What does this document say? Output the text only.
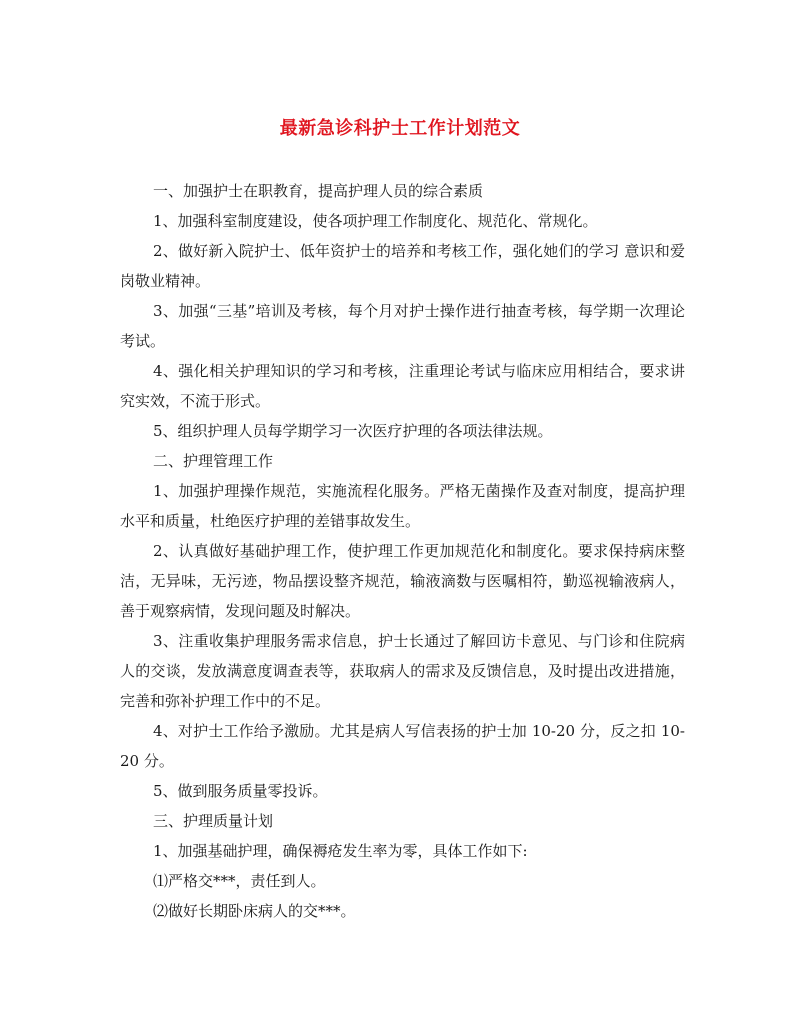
最新急诊科护士工作计划范文

一、加强护士在职教育，提高护理人员的综合素质

1、加强科室制度建设，使各项护理工作制度化、规范化、常规化。

2、做好新入院护士、低年资护士的培养和考核工作，强化她们的学习 意识和爱 岗敬业精神。

3、加强“三基”培训及考核，每个月对护士操作进行抽查考核，每学期一次理论考试。

4、强化相关护理知识的学习和考核，注重理论考试与临床应用相结合，要求讲究实效，不流于形式。

5、组织护理人员每学期学习一次医疗护理的各项法律法规。

二、护理管理工作

1、加强护理操作规范，实施流程化服务。严格无菌操作及查对制度，提高护理水平和质量，杜绝医疗护理的差错事故发生。

2、认真做好基础护理工作，使护理工作更加规范化和制度化。要求保持病床整洁，无异味，无污迹，物品摆设整齐规范，输液滴数与医嘱相符，勤巡视输液病人，善于观察病情，发现问题及时解决。

3、注重收集护理服务需求信息，护士长通过了解回访卡意见、与门诊和住院病人的交谈，发放满意度调查表等，获取病人的需求及反馈信息，及时提出改进措施，完善和弥补护理工作中的不足。

4、对护士工作给予激励。尤其是病人写信表扬的护士加 10-20 分，反之扣 10-20 分。

5、做到服务质量零投诉。

三、护理质量计划

1、加强基础护理，确保褥疮发生率为零，具体工作如下:

⑴严格交***，责任到人。

⑵做好长期卧床病人的交***。
